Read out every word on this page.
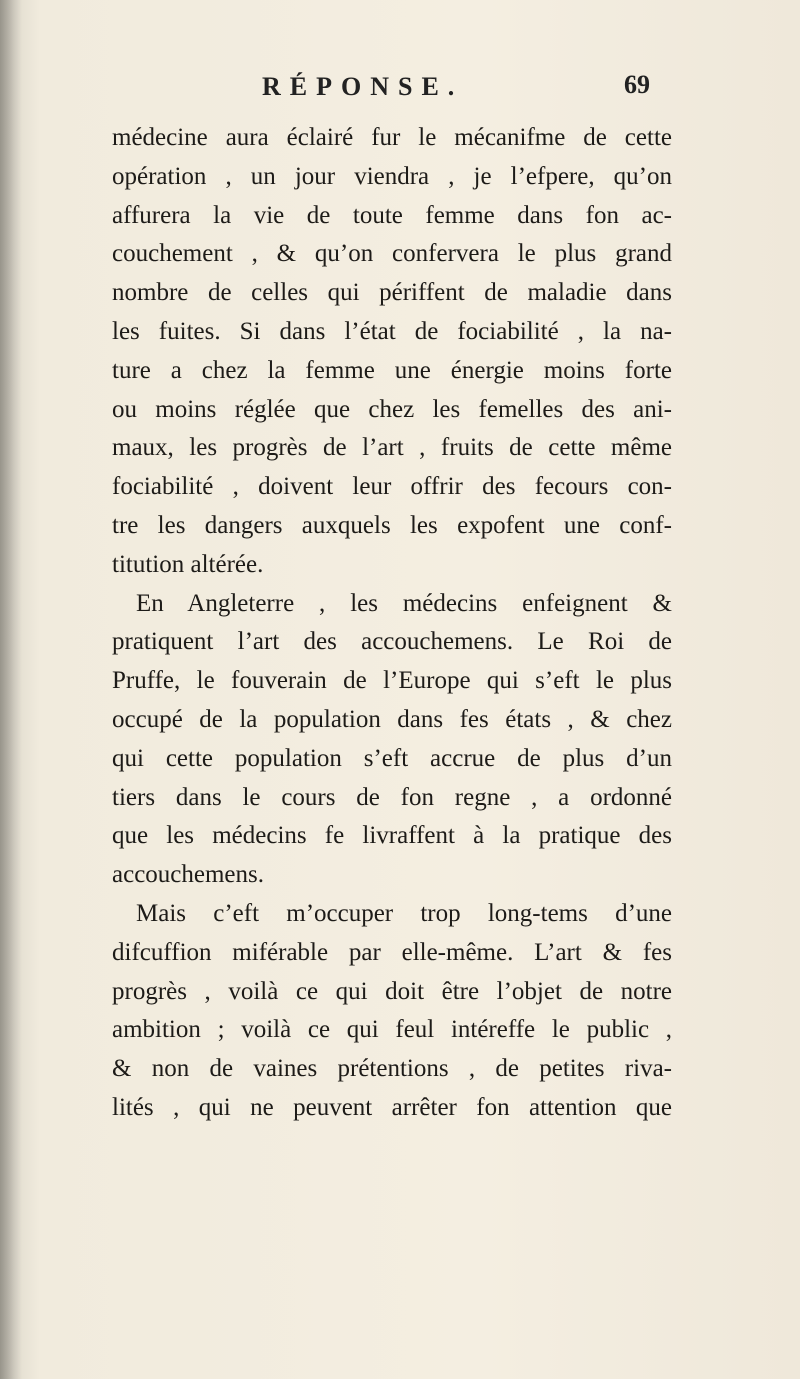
RÉPONSE.	69
médecine aura éclairé fur le mécanifme de cette
opération , un jour viendra , je l’efpere, qu’on
affurera la vie de toute femme dans fon ac-
couchement , & qu’on confervera le plus grand
nombre de celles qui périffent de maladie dans
les fuites. Si dans l’état de fociabilité , la na-
ture a chez la femme une énergie moins forte
ou moins réglée que chez les femelles des ani-
maux, les progrès de l’art , fruits de cette même
fociabilité , doivent leur offrir des fecours con-
tre les dangers auxquels les expofent une conf-
titution altérée.
En Angleterre , les médecins enfeignent &
pratiquent l’art des accouchemens. Le Roi de
Pruffe, le fouverain de l’Europe qui s’eft le plus
occupé de la population dans fes états , & chez
qui cette population s’eft accrue de plus d’un
tiers dans le cours de fon regne , a ordonné
que les médecins fe livraffent à la pratique des
accouchemens.
Mais c’eft m’occuper trop long-tems d’une
difcuffion miférable par elle-même. L’art & fes
progrès , voilà ce qui doit être l’objet de notre
ambition ; voilà ce qui feul intéreffe le public ,
& non de vaines prétentions , de petites riva-
lités , qui ne peuvent arrêter fon attention que
